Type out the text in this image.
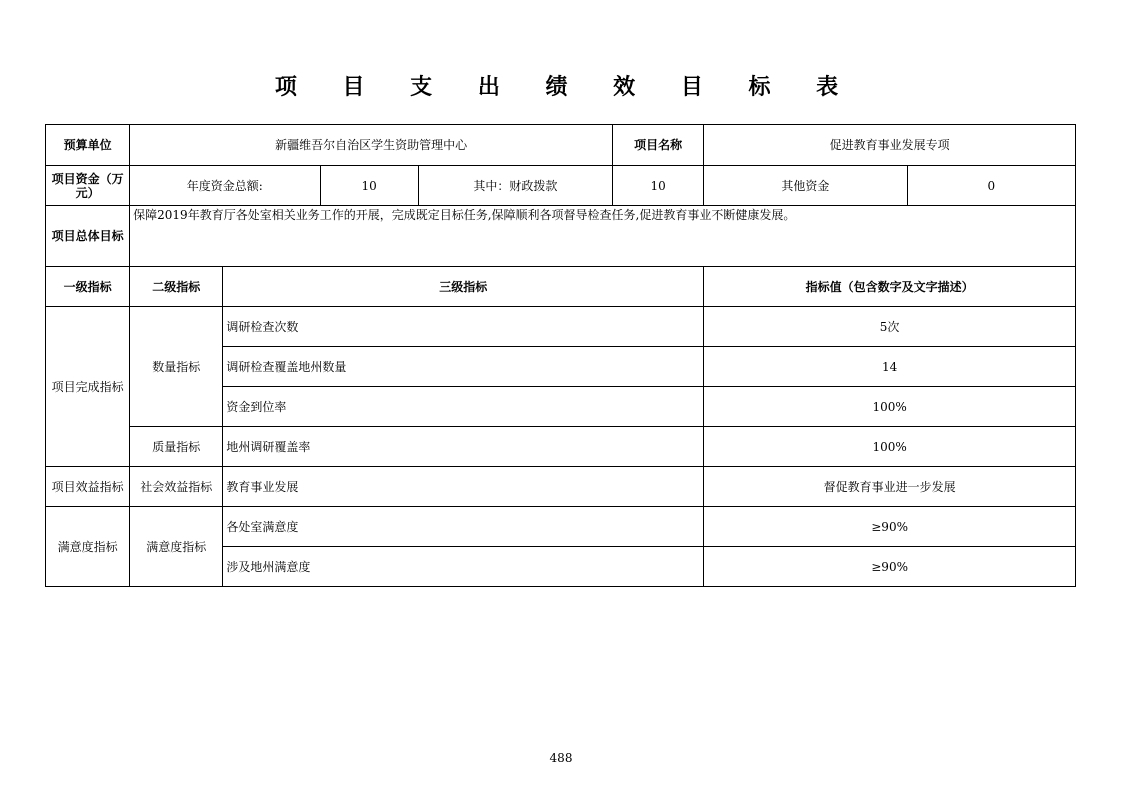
项 目 支 出 绩 效 目 标 表
预算单位	新疆维吾尔自治区学生资助管理中心				项目名称	促进教育事业发展专项	
项目资金（万元）	年度资金总额:		10	其中：财政拨款	10	其他资金	0
项目总体目标	保障2019年教育厅各处室相关业务工作的开展，完成既定目标任务,保障顺利各项督导检查任务,促进教育事业不断健康发展。						
一级指标	二级指标	三级指标				指标值（包含数字及文字描述）	
项目完成指标	数量指标	调研检查次数				5次	
		调研检查覆盖地州数量				14	
		资金到位率				100%	
	质量指标	地州调研覆盖率				100%	
项目效益指标	社会效益指标	教育事业发展				督促教育事业进一步发展	
满意度指标	满意度指标	各处室满意度				≥90%	
		涉及地州满意度				≥90%	
488
